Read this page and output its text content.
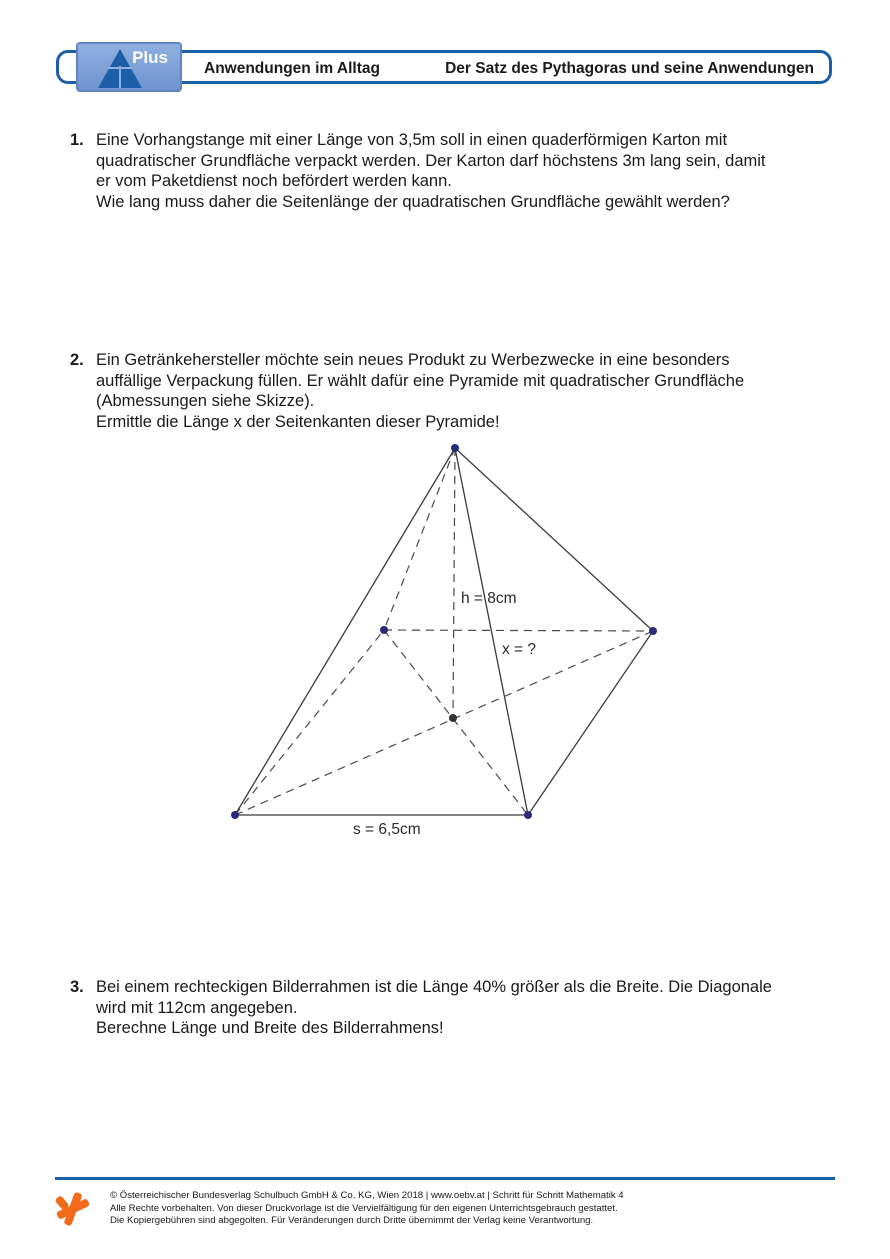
Plus
Anwendungen im Alltag	Der Satz des Pythagoras und seine Anwendungen
1. Eine Vorhangstange mit einer Länge von 3,5m soll in einen quaderförmigen Karton mit
quadratischer Grundfläche verpackt werden. Der Karton darf höchstens 3m lang sein, damit
er vom Paketdienst noch befördert werden kann.
Wie lang muss daher die Seitenlänge der quadratischen Grundfläche gewählt werden?
2. Ein Getränkehersteller möchte sein neues Produkt zu Werbezwecke in eine besonders
auffällige Verpackung füllen. Er wählt dafür eine Pyramide mit quadratischer Grundfläche
(Abmessungen siehe Skizze).
Ermittle die Länge x der Seitenkanten dieser Pyramide!
h = 8cm
x = ?
s = 6,5cm
3. Bei einem rechteckigen Bilderrahmen ist die Länge 40% größer als die Breite. Die Diagonale
wird mit 112cm angegeben.
Berechne Länge und Breite des Bilderrahmens!
© Österreichischer Bundesverlag Schulbuch GmbH & Co. KG, Wien 2018 | www.oebv.at | Schritt für Schritt Mathematik 4
Alle Rechte vorbehalten. Von dieser Druckvorlage ist die Vervielfältigung für den eigenen Unterrichtsgebrauch gestattet.
Die Kopiergebühren sind abgegolten. Für Veränderungen durch Dritte übernimmt der Verlag keine Verantwortung.
